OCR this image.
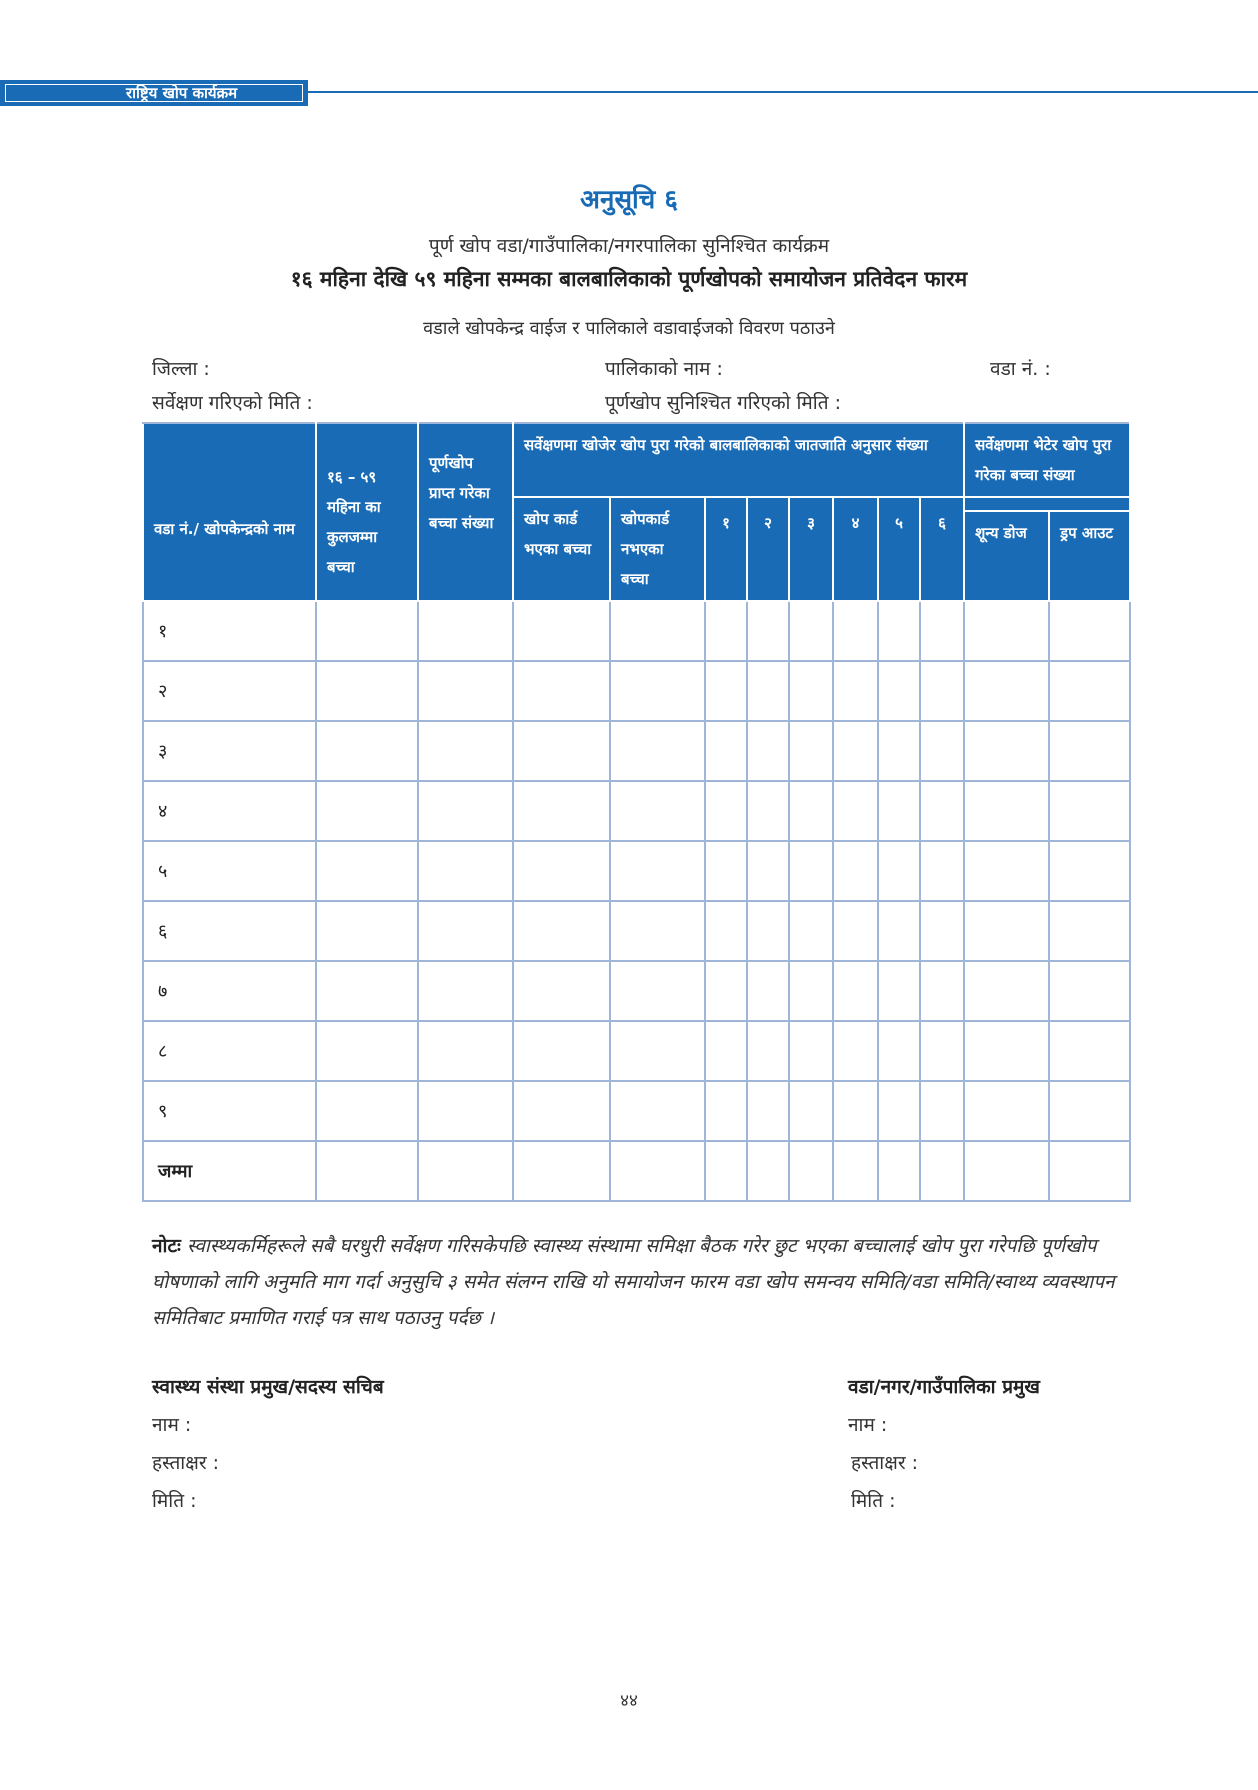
राष्ट्रिय खोप कार्यक्रम
अनुसूचि ६
पूर्ण खोप वडा/गाउँपालिका/नगरपालिका सुनिश्चित कार्यक्रम
१६ महिना देखि ५९ महिना सम्मका बालबालिकाको पूर्णखोपको समायोजन प्रतिवेदन फारम
वडाले खोपकेन्द्र वाईज र पालिकाले वडावाईजको विवरण पठाउने
जिल्ला :	पालिकाको नाम :	वडा नं. :
सर्वेक्षण गरिएको मिति :	पूर्णखोप सुनिश्चित गरिएको मिति :
वडा नं./ खोपकेन्द्रको नाम	१६ – ५९ महिना का कुलजम्मा बच्चा	पूर्णखोप प्राप्त गरेका बच्चा संख्या	सर्वेक्षणमा खोजेर खोप पुरा गरेको बालबालिकाको जातजाति अनुसार संख्या								सर्वेक्षणमा भेटेर खोप पुरा गरेका बच्चा संख्या	
			खोप कार्ड भएका बच्चा	खोपकार्ड नभएका बच्चा	१	२	३	४	५	६		
											शून्य डोज	ड्रप आउट
१												
२												
३												
४												
५												
६												
७												
८												
९												
जम्मा												
नोटः स्वास्थ्यकर्मिहरूले सबै घरधुरी सर्वेक्षण गरिसकेपछि स्वास्थ्य संस्थामा समिक्षा बैठक गरेर छुट भएका बच्चालाई खोप पुरा गरेपछि पूर्णखोप घोषणाको लागि अनुमति माग गर्दा अनुसुचि ३ समेत संलग्न राखि यो समायोजन फारम वडा खोप समन्वय समिति/वडा समिति/स्वाथ्य व्यवस्थापन समितिबाट प्रमाणित गराई पत्र साथ पठाउनु पर्दछ ।
स्वास्थ्य संस्था प्रमुख/सदस्य सचिब
नाम :
हस्ताक्षर :
मिति :
वडा/नगर/गाउँपालिका प्रमुख
नाम :
हस्ताक्षर :
मिति :
४४
